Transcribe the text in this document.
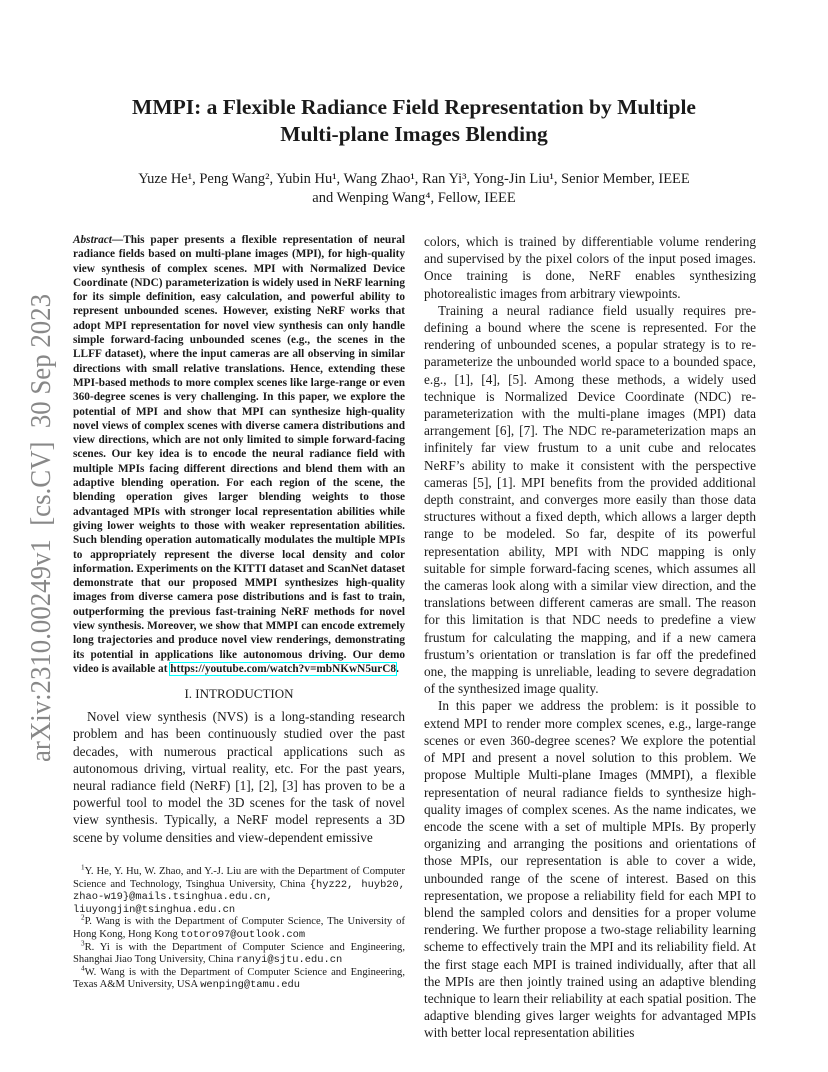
arXiv:2310.00249v1  [cs.CV]  30 Sep 2023
MMPI: a Flexible Radiance Field Representation by Multiple
Multi-plane Images Blending
Yuze He¹, Peng Wang², Yubin Hu¹, Wang Zhao¹, Ran Yi³, Yong-Jin Liu¹, Senior Member, IEEE
and Wenping Wang⁴, Fellow, IEEE
Abstract—This paper presents a flexible representation of neural radiance fields based on multi-plane images (MPI), for high-quality view synthesis of complex scenes. MPI with Normalized Device Coordinate (NDC) parameterization is widely used in NeRF learning for its simple definition, easy calculation, and powerful ability to represent unbounded scenes. However, existing NeRF works that adopt MPI representation for novel view synthesis can only handle simple forward-facing unbounded scenes (e.g., the scenes in the LLFF dataset), where the input cameras are all observing in similar directions with small relative translations. Hence, extending these MPI-based methods to more complex scenes like large-range or even 360-degree scenes is very challenging. In this paper, we explore the potential of MPI and show that MPI can synthesize high-quality novel views of complex scenes with diverse camera distributions and view directions, which are not only limited to simple forward-facing scenes. Our key idea is to encode the neural radiance field with multiple MPIs facing different directions and blend them with an adaptive blending operation. For each region of the scene, the blending operation gives larger blending weights to those advantaged MPIs with stronger local representation abilities while giving lower weights to those with weaker representation abilities. Such blending operation automatically modulates the multiple MPIs to appropriately represent the diverse local density and color information. Experiments on the KITTI dataset and ScanNet dataset demonstrate that our proposed MMPI synthesizes high-quality images from diverse camera pose distributions and is fast to train, outperforming the previous fast-training NeRF methods for novel view synthesis. Moreover, we show that MMPI can encode extremely long trajectories and produce novel view renderings, demonstrating its potential in applications like autonomous driving. Our demo video is available at https://youtube.com/watch?v=mbNKwN5urC8.
I. INTRODUCTION

Novel view synthesis (NVS) is a long-standing research problem and has been continuously studied over the past decades, with numerous practical applications such as autonomous driving, virtual reality, etc. For the past years, neural radiance field (NeRF) [1], [2], [3] has proven to be a powerful tool to model the 3D scenes for the task of novel view synthesis. Typically, a NeRF model represents a 3D scene by volume densities and view-dependent emissive

$^1$Y. He, Y. Hu, W. Zhao, and Y.-J. Liu are with the Department of Computer Science and Technology, Tsinghua University, China {hyz22, huyb20, zhao-w19}@mails.tsinghua.edu.cn, liuyongjin@tsinghua.edu.cn

$^2$P. Wang is with the Department of Computer Science, The University of Hong Kong, Hong Kong totoro97@outlook.com

$^3$R. Yi is with the Department of Computer Science and Engineering, Shanghai Jiao Tong University, China ranyi@sjtu.edu.cn

$^4$W. Wang is with the Department of Computer Science and Engineering, Texas A&M University, USA wenping@tamu.edu

colors, which is trained by differentiable volume rendering and supervised by the pixel colors of the input posed images. Once training is done, NeRF enables synthesizing photorealistic images from arbitrary viewpoints.

Training a neural radiance field usually requires pre-defining a bound where the scene is represented. For the rendering of unbounded scenes, a popular strategy is to re-parameterize the unbounded world space to a bounded space, e.g., [1], [4], [5]. Among these methods, a widely used technique is Normalized Device Coordinate (NDC) re-parameterization with the multi-plane images (MPI) data arrangement [6], [7]. The NDC re-parameterization maps an infinitely far view frustum to a unit cube and relocates NeRF’s ability to make it consistent with the perspective cameras [5], [1]. MPI benefits from the provided additional depth constraint, and converges more easily than those data structures without a fixed depth, which allows a larger depth range to be modeled. So far, despite of its powerful representation ability, MPI with NDC mapping is only suitable for simple forward-facing scenes, which assumes all the cameras look along with a similar view direction, and the translations between different cameras are small. The reason for this limitation is that NDC needs to predefine a view frustum for calculating the mapping, and if a new camera frustum’s orientation or translation is far off the predefined one, the mapping is unreliable, leading to severe degradation of the synthesized image quality.

In this paper we address the problem: is it possible to extend MPI to render more complex scenes, e.g., large-range scenes or even 360-degree scenes? We explore the potential of MPI and present a novel solution to this problem. We propose Multiple Multi-plane Images (MMPI), a flexible representation of neural radiance fields to synthesize high-quality images of complex scenes. As the name indicates, we encode the scene with a set of multiple MPIs. By properly organizing and arranging the positions and orientations of those MPIs, our representation is able to cover a wide, unbounded range of the scene of interest. Based on this representation, we propose a reliability field for each MPI to blend the sampled colors and densities for a proper volume rendering. We further propose a two-stage reliability learning scheme to effectively train the MPI and its reliability field. At the first stage each MPI is trained individually, after that all the MPIs are then jointly trained using an adaptive blending technique to learn their reliability at each spatial position. The adaptive blending gives larger weights for advantaged MPIs with better local representation abilities
